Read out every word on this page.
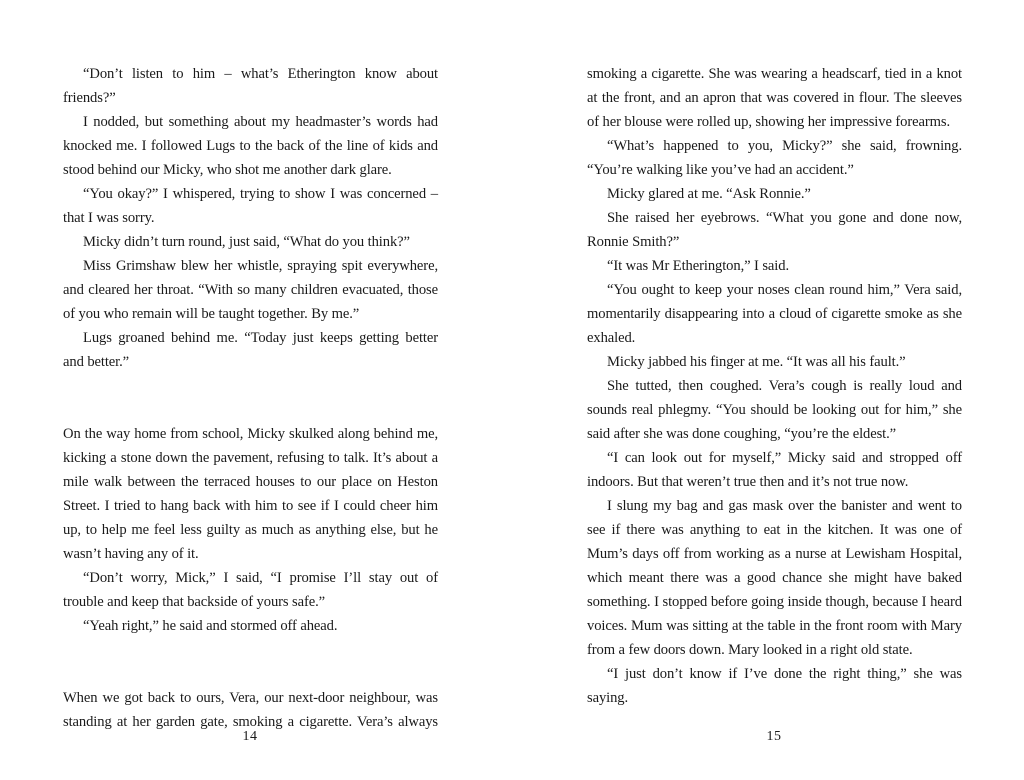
“Don’t listen to him – what’s Etherington know about friends?”

I nodded, but something about my headmaster’s words had knocked me. I followed Lugs to the back of the line of kids and stood behind our Micky, who shot me another dark glare.

“You okay?” I whispered, trying to show I was concerned – that I was sorry.

Micky didn’t turn round, just said, “What do you think?”

Miss Grimshaw blew her whistle, spraying spit everywhere, and cleared her throat. “With so many children evacuated, those of you who remain will be taught together. By me.”

Lugs groaned behind me. “Today just keeps getting better and better.”

On the way home from school, Micky skulked along behind me, kicking a stone down the pavement, refusing to talk. It’s about a mile walk between the terraced houses to our place on Heston Street. I tried to hang back with him to see if I could cheer him up, to help me feel less guilty as much as anything else, but he wasn’t having any of it.

“Don’t worry, Mick,” I said, “I promise I’ll stay out of trouble and keep that backside of yours safe.”

“Yeah right,” he said and stormed off ahead.

When we got back to ours, Vera, our next-door neighbour, was standing at her garden gate, smoking a cigarette. Vera’s always

smoking a cigarette. She was wearing a headscarf, tied in a knot at the front, and an apron that was covered in flour. The sleeves of her blouse were rolled up, showing her impressive forearms.

“What’s happened to you, Micky?” she said, frowning. “You’re walking like you’ve had an accident.”

Micky glared at me. “Ask Ronnie.”

She raised her eyebrows. “What you gone and done now, Ronnie Smith?”

“It was Mr Etherington,” I said.

“You ought to keep your noses clean round him,” Vera said, momentarily disappearing into a cloud of cigarette smoke as she exhaled.

Micky jabbed his finger at me. “It was all his fault.”

She tutted, then coughed. Vera’s cough is really loud and sounds real phlegmy. “You should be looking out for him,” she said after she was done coughing, “you’re the eldest.”

“I can look out for myself,” Micky said and stropped off indoors. But that weren’t true then and it’s not true now.

I slung my bag and gas mask over the banister and went to see if there was anything to eat in the kitchen. It was one of Mum’s days off from working as a nurse at Lewisham Hospital, which meant there was a good chance she might have baked something. I stopped before going inside though, because I heard voices. Mum was sitting at the table in the front room with Mary from a few doors down. Mary looked in a right old state.

“I just don’t know if I’ve done the right thing,” she was saying.

14	15
